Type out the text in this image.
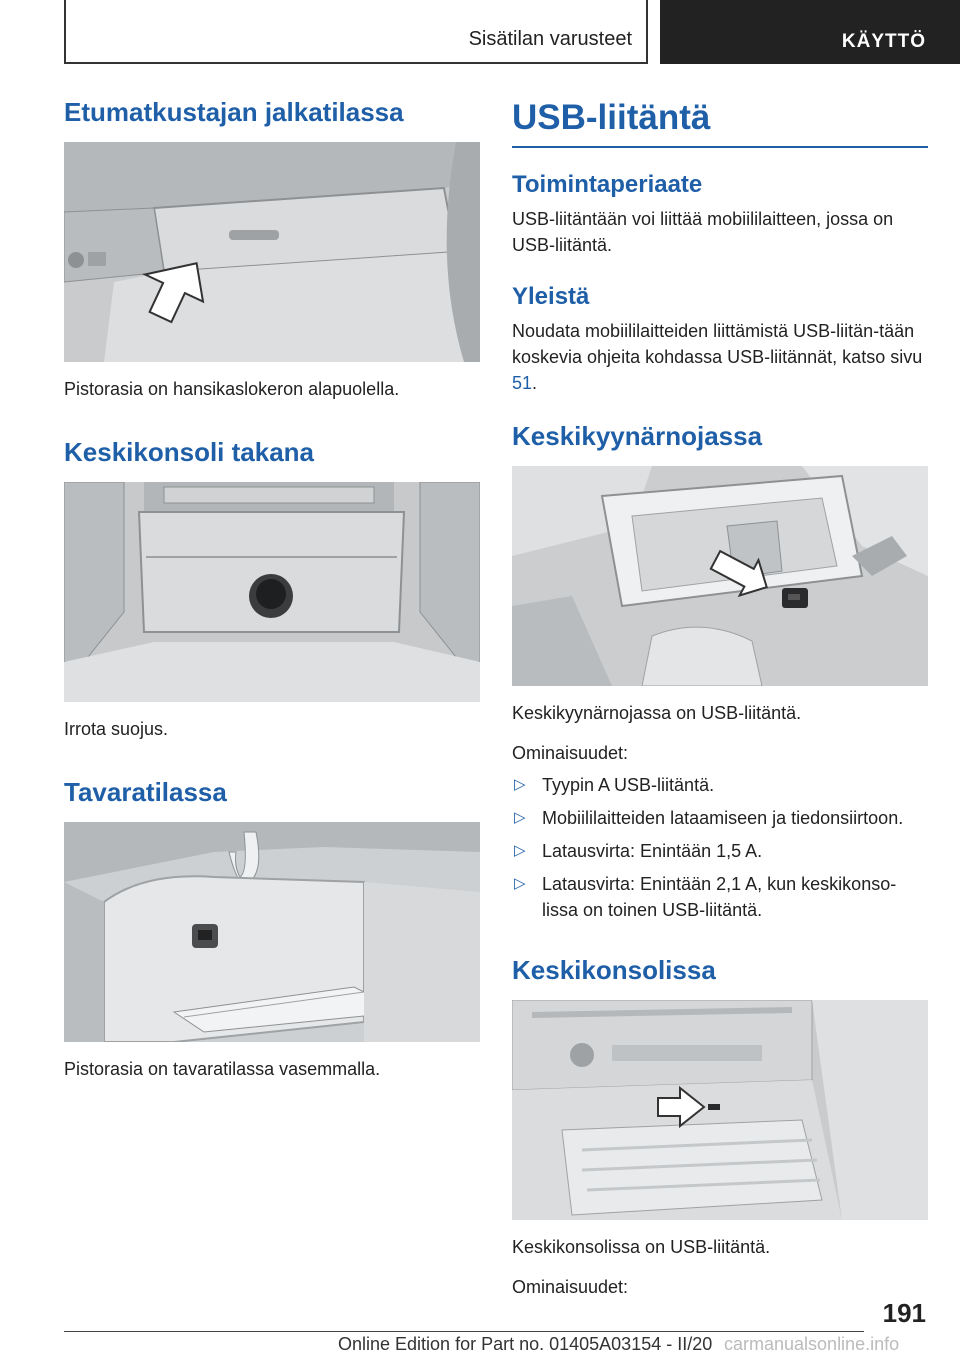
Sisätilan varusteet	KÄYTTÖ
Etumatkustajan jalkatilassa

Pistorasia on hansikaslokeron alapuolella.

Keskikonsoli takana

Irrota suojus.

Tavaratilassa

Pistorasia on tavaratilassa vasemmalla.

USB-liitäntä
Toimintaperiaate

USB-liitäntään voi liittää mobiililaitteen, jossa on USB-liitäntä.

Yleistä

Noudata mobiililaitteiden liittämistä USB-liitän-tään koskevia ohjeita kohdassa USB-liitännät, katso sivu 51.

Keskikyynärnojassa

Keskikyynärnojassa on USB-liitäntä.

Ominaisuudet:

▷ Tyypin A USB-liitäntä.
▷ Mobiililaitteiden lataamiseen ja tiedonsiirtoon.
▷ Latausvirta: Enintään 1,5 A.
▷ Latausvirta: Enintään 2,1 A, kun keskikonso-lissa on toinen USB-liitäntä.
Keskikonsolissa

Keskikonsolissa on USB-liitäntä.

Ominaisuudet:

191
Online Edition for Part no. 01405A03154 - II/20 carmanualsonline.info
